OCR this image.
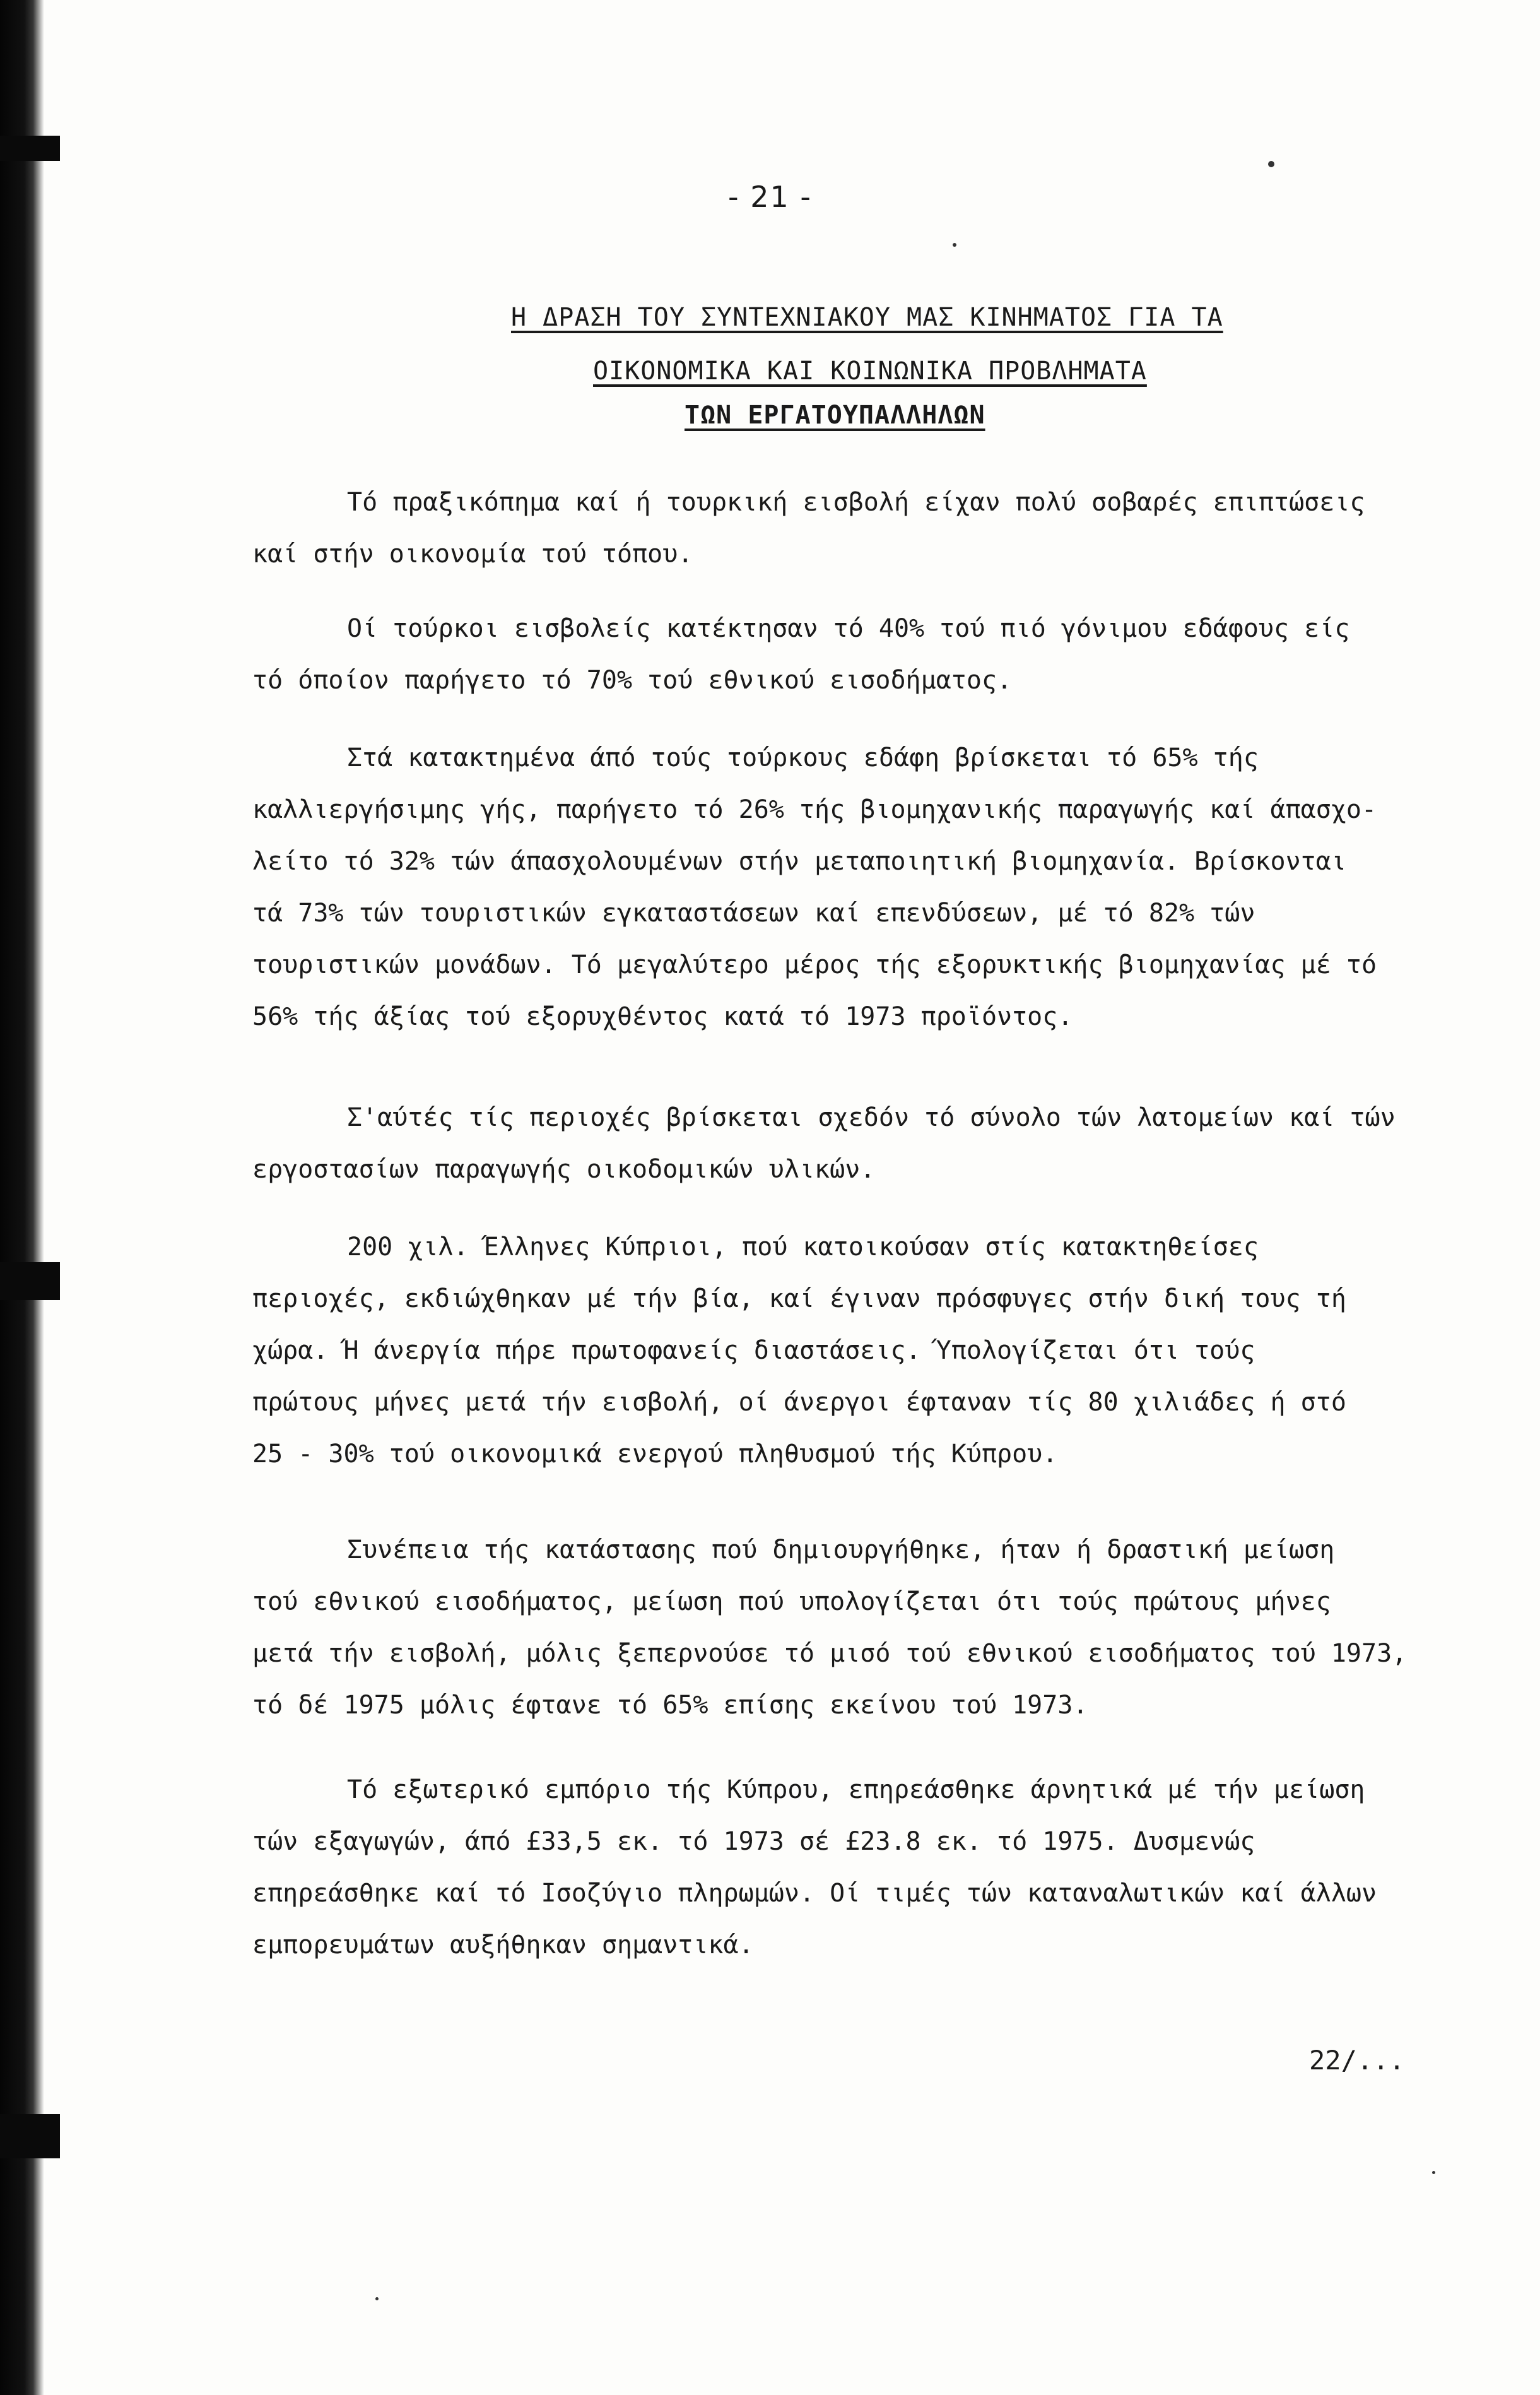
- 21 -
Η ΔΡΑΣΗ ΤΟΥ ΣΥΝΤΕΧΝΙΑΚΟΥ ΜΑΣ ΚΙΝΗΜΑΤΟΣ ΓΙΑ ΤΑ
ΟΙΚΟΝΟΜΙΚΑ ΚΑΙ ΚΟΙΝΩΝΙΚΑ ΠΡΟΒΛΗΜΑΤΑ
ΤΩΝ ΕΡΓΑΤΟΥΠΑΛΛΗΛΩΝ
Τό πραξικόπημα καί ή τουρκική εισβολή είχαν πολύ σοβαρές επιπτώσεις
καί στήν οικονομία τού τόπου.
Οί τούρκοι εισβολείς κατέκτησαν τό 40% τού πιό γόνιμου εδάφους είς
τό όποίον παρήγετο τό 70% τού εθνικού εισοδήματος.
Στά κατακτημένα άπό τούς τούρκους εδάφη βρίσκεται τό 65% τής
καλλιεργήσιμης γής, παρήγετο τό 26% τής βιομηχανικής παραγωγής καί άπασχο-
λείτο τό 32% τών άπασχολουμένων στήν μεταποιητική βιομηχανία. Βρίσκονται
τά 73% τών τουριστικών εγκαταστάσεων καί επενδύσεων, μέ τό 82% τών
τουριστικών μονάδων. Τό μεγαλύτερο μέρος τής εξορυκτικής βιομηχανίας μέ τό
56% τής άξίας τού εξορυχθέντος κατά τό 1973 προϊόντος.
Σ'αύτές τίς περιοχές βρίσκεται σχεδόν τό σύνολο τών λατομείων καί τών
εργοστασίων παραγωγής οικοδομικών υλικών.
200 χιλ. Έλληνες Κύπριοι, πού κατοικούσαν στίς κατακτηθείσες
περιοχές, εκδιώχθηκαν μέ τήν βία, καί έγιναν πρόσφυγες στήν δική τους τή
χώρα. Ή άνεργία πήρε πρωτοφανείς διαστάσεις. Ύπολογίζεται ότι τούς
πρώτους μήνες μετά τήν εισβολή, οί άνεργοι έφταναν τίς 80 χιλιάδες ή στό
25 - 30% τού οικονομικά ενεργού πληθυσμού τής Κύπρου.
Συνέπεια τής κατάστασης πού δημιουργήθηκε, ήταν ή δραστική μείωση
τού εθνικού εισοδήματος, μείωση πού υπολογίζεται ότι τούς πρώτους μήνες
μετά τήν εισβολή, μόλις ξεπερνούσε τό μισό τού εθνικού εισοδήματος τού 1973,
τό δέ 1975 μόλις έφτανε τό 65% επίσης εκείνου τού 1973.
Τό εξωτερικό εμπόριο τής Κύπρου, επηρεάσθηκε άρνητικά μέ τήν μείωση
τών εξαγωγών, άπό £33,5 εκ. τό 1973 σέ £23.8 εκ. τό 1975. Δυσμενώς
επηρεάσθηκε καί τό Ισοζύγιο πληρωμών. Οί τιμές τών καταναλωτικών καί άλλων
εμπορευμάτων αυξήθηκαν σημαντικά.
22/...
